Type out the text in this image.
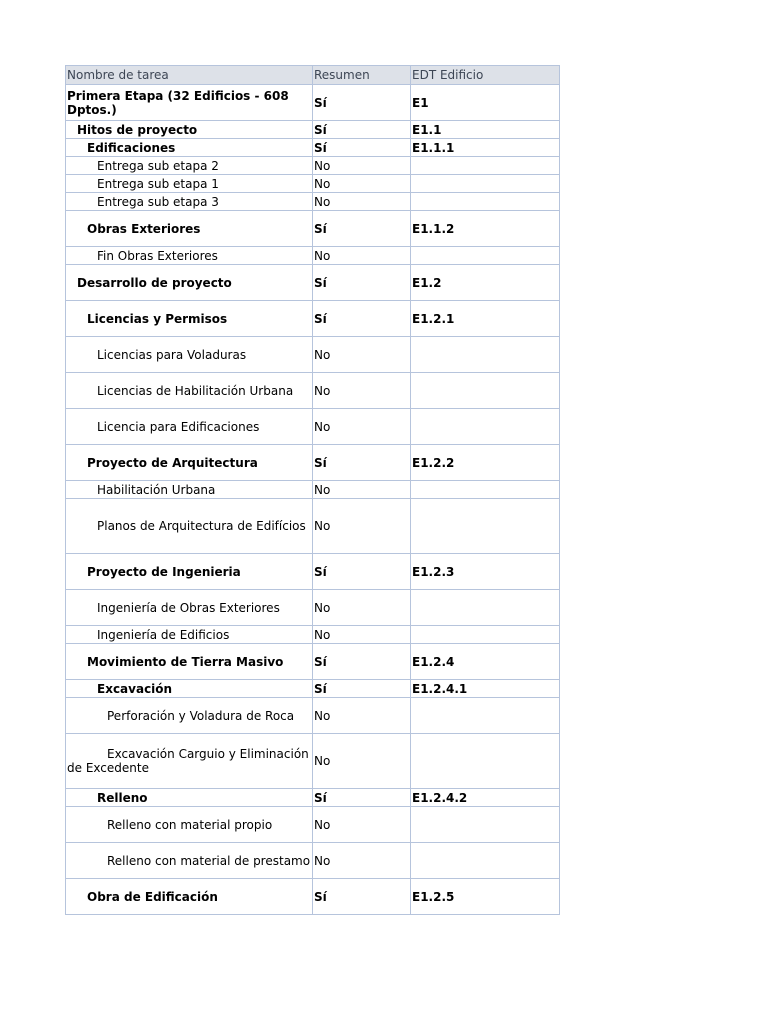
Nombre de tarea	Resumen	EDT Edificio
Primera Etapa (32 Edificios - 608 Dptos.)	Sí	E1
Hitos de proyecto	Sí	E1.1
Edificaciones	Sí	E1.1.1
Entrega sub etapa 2	No	
Entrega sub etapa 1	No	
Entrega sub etapa 3	No	
Obras Exteriores	Sí	E1.1.2
Fin Obras Exteriores	No	
Desarrollo de proyecto	Sí	E1.2
Licencias y Permisos	Sí	E1.2.1
Licencias para Voladuras	No	
Licencias de Habilitación Urbana	No	
Licencia para Edificaciones	No	
Proyecto de Arquitectura	Sí	E1.2.2
Habilitación Urbana	No	
Planos de Arquitectura de Edifícios	No	
Proyecto de Ingenieria	Sí	E1.2.3
Ingeniería de Obras Exteriores	No	
Ingeniería de Edificios	No	
Movimiento de Tierra Masivo	Sí	E1.2.4
Excavación	Sí	E1.2.4.1
Perforación y Voladura de Roca	No	
Excavación Carguio y Eliminación de Excedente	No	
Relleno	Sí	E1.2.4.2
Relleno con material propio	No	
Relleno con material de prestamo	No	
Obra de Edificación	Sí	E1.2.5
